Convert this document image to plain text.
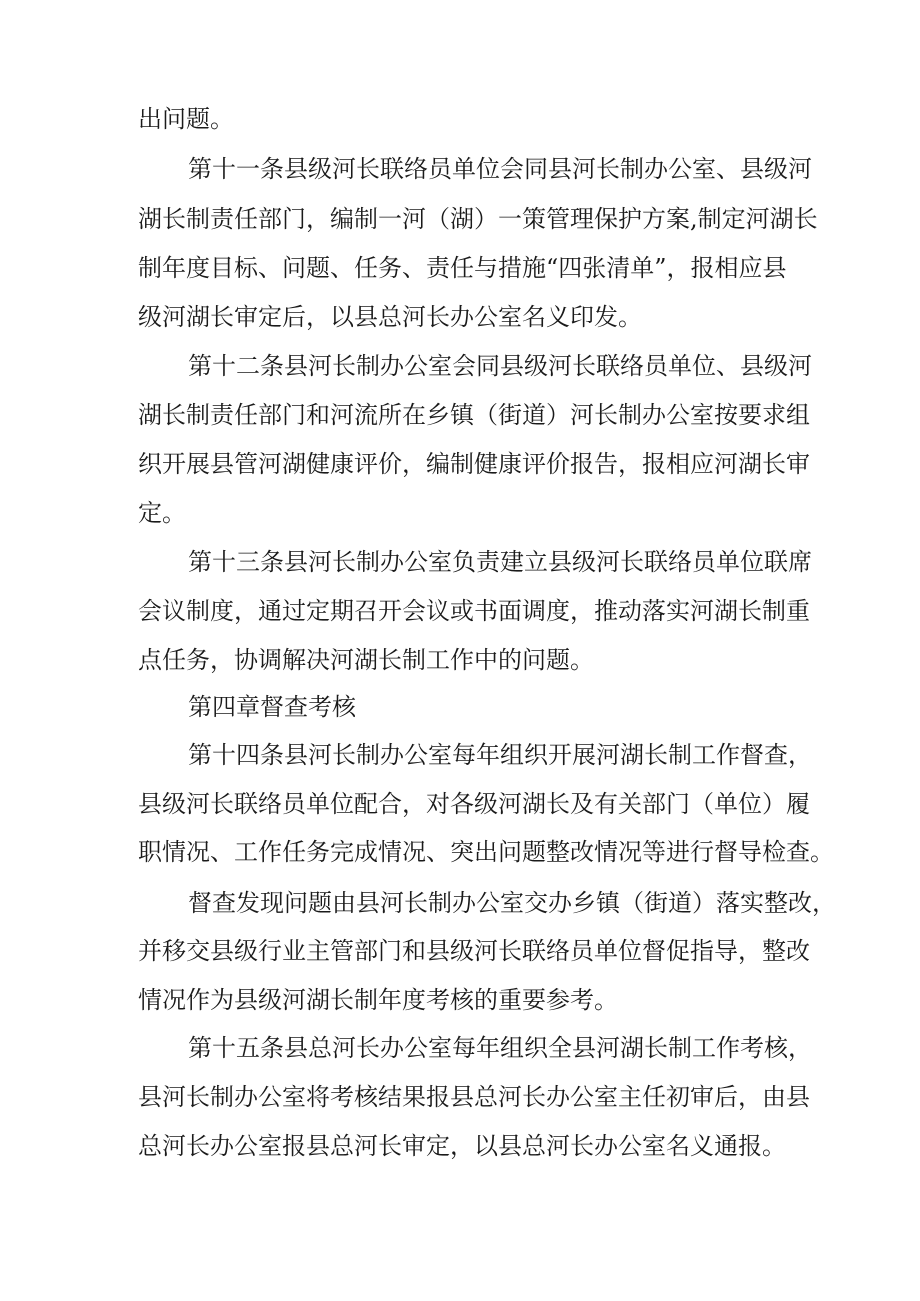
出问题。
第十一条县级河长联络员单位会同县河长制办公室、县级河
湖长制责任部门，编制一河（湖）一策管理保护方案,制定河湖长
制年度目标、问题、任务、责任与措施“四张清单”，报相应县
级河湖长审定后，以县总河长办公室名义印发。
第十二条县河长制办公室会同县级河长联络员单位、县级河
湖长制责任部门和河流所在乡镇（街道）河长制办公室按要求组
织开展县管河湖健康评价，编制健康评价报告，报相应河湖长审
定。
第十三条县河长制办公室负责建立县级河长联络员单位联席
会议制度，通过定期召开会议或书面调度，推动落实河湖长制重
点任务，协调解决河湖长制工作中的问题。
第四章督查考核
第十四条县河长制办公室每年组织开展河湖长制工作督查，
县级河长联络员单位配合，对各级河湖长及有关部门（单位）履
职情况、工作任务完成情况、突出问题整改情况等进行督导检查。
督查发现问题由县河长制办公室交办乡镇（街道）落实整改，
并移交县级行业主管部门和县级河长联络员单位督促指导，整改
情况作为县级河湖长制年度考核的重要参考。
第十五条县总河长办公室每年组织全县河湖长制工作考核，
县河长制办公室将考核结果报县总河长办公室主任初审后，由县
总河长办公室报县总河长审定，以县总河长办公室名义通报。
